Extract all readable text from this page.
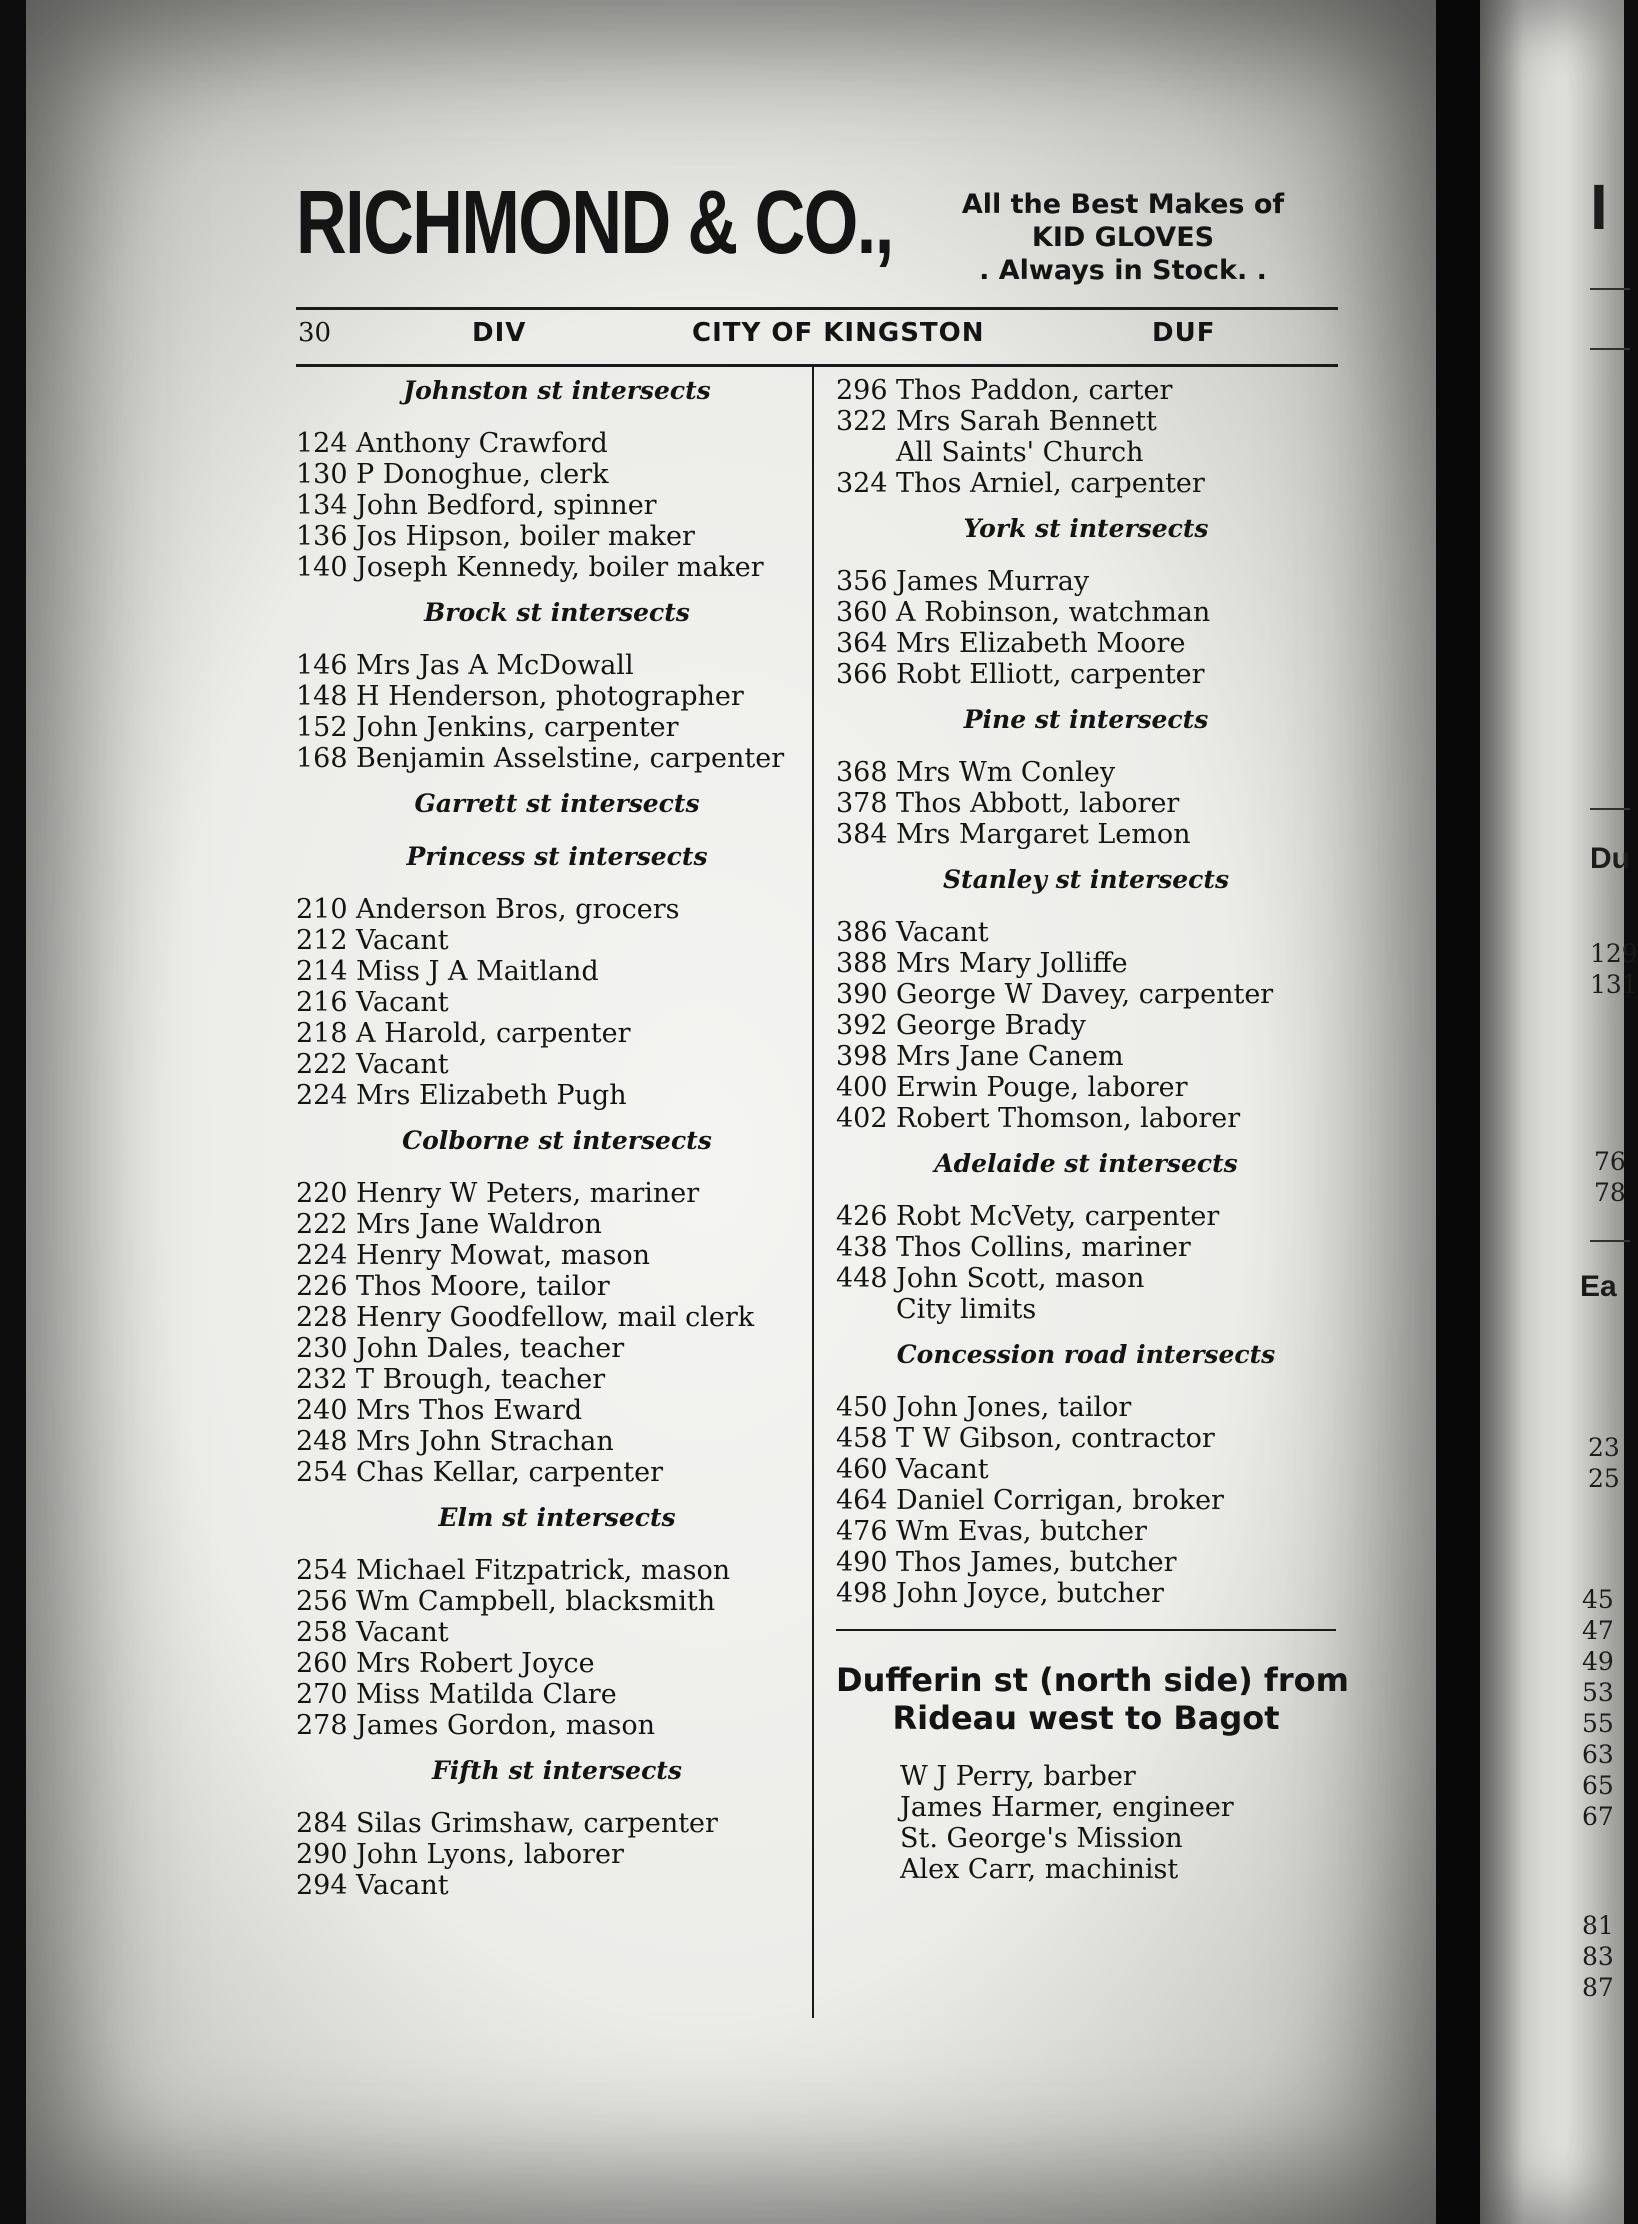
RICHMOND & CO.,	All the Best Makes of
KID GLOVES
. Always in Stock. .
30	DIV	CITY OF KINGSTON	DUF
Johnston st intersects
124 Anthony Crawford
130 P Donoghue, clerk
134 John Bedford, spinner
136 Jos Hipson, boiler maker
140 Joseph Kennedy, boiler maker
Brock st intersects
146 Mrs Jas A McDowall
148 H Henderson, photographer
152 John Jenkins, carpenter
168 Benjamin Asselstine, carpenter
Garrett st intersects
Princess st intersects
210 Anderson Bros, grocers
212 Vacant
214 Miss J A Maitland
216 Vacant
218 A Harold, carpenter
222 Vacant
224 Mrs Elizabeth Pugh
Colborne st intersects
220 Henry W Peters, mariner
222 Mrs Jane Waldron
224 Henry Mowat, mason
226 Thos Moore, tailor
228 Henry Goodfellow, mail clerk
230 John Dales, teacher
232 T Brough, teacher
240 Mrs Thos Eward
248 Mrs John Strachan
254 Chas Kellar, carpenter
Elm st intersects
254 Michael Fitzpatrick, mason
256 Wm Campbell, blacksmith
258 Vacant
260 Mrs Robert Joyce
270 Miss Matilda Clare
278 James Gordon, mason
Fifth st intersects
284 Silas Grimshaw, carpenter
290 John Lyons, laborer
294 Vacant
296 Thos Paddon, carter
322 Mrs Sarah Bennett
All Saints' Church
324 Thos Arniel, carpenter
York st intersects
356 James Murray
360 A Robinson, watchman
364 Mrs Elizabeth Moore
366 Robt Elliott, carpenter
Pine st intersects
368 Mrs Wm Conley
378 Thos Abbott, laborer
384 Mrs Margaret Lemon
Stanley st intersects
386 Vacant
388 Mrs Mary Jolliffe
390 George W Davey, carpenter
392 George Brady
398 Mrs Jane Canem
400 Erwin Pouge, laborer
402 Robert Thomson, laborer
Adelaide st intersects
426 Robt McVety, carpenter
438 Thos Collins, mariner
448 John Scott, mason
City limits
Concession road intersects
450 John Jones, tailor
458 T W Gibson, contractor
460 Vacant
464 Daniel Corrigan, broker
476 Wm Evas, butcher
490 Thos James, butcher
498 John Joyce, butcher
Dufferin st (north side) from
Rideau west to Bagot
W J Perry, barber
James Harmer, engineer
St. George's Mission
Alex Carr, machinist
I
Du
129
131
76
78
Ea
23
25
45
47
49
53
55
63
65
67
81
83
87
